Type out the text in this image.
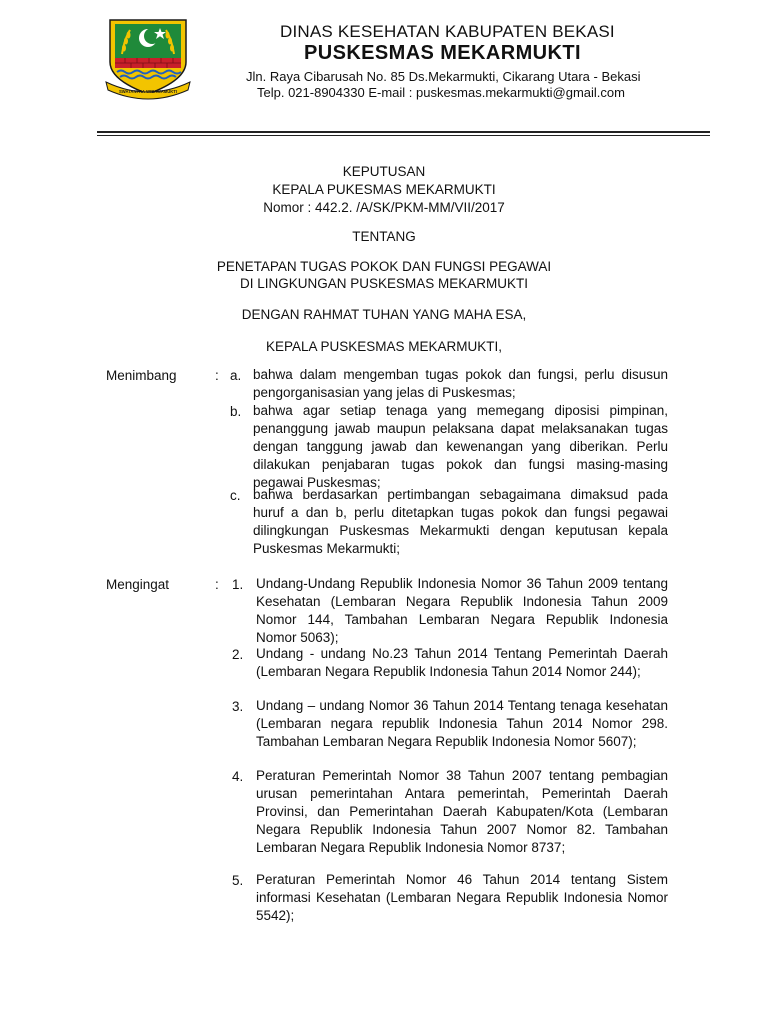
SWATANTRA WIBAWAMUKTI
DINAS KESEHATAN KABUPATEN BEKASI
PUSKESMAS MEKARMUKTI
Jln. Raya Cibarusah No. 85 Ds.Mekarmukti, Cikarang Utara - Bekasi
Telp. 021-8904330 E-mail : puskesmas.mekarmukti@gmail.com
KEPUTUSAN
KEPALA PUKESMAS MEKARMUKTI
Nomor : 442.2. /A/SK/PKM-MM/VII/2017
TENTANG
PENETAPAN TUGAS POKOK DAN FUNGSI PEGAWAI
DI LINGKUNGAN PUSKESMAS MEKARMUKTI
DENGAN RAHMAT TUHAN YANG MAHA ESA,
KEPALA PUSKESMAS MEKARMUKTI,
Menimbang	: a. bahwa dalam mengemban tugas pokok dan fungsi, perlu disusun pengorganisasian yang jelas di Puskesmas;

b. bahwa agar setiap tenaga yang memegang diposisi pimpinan, penanggung jawab maupun pelaksana dapat melaksanakan tugas dengan tanggung jawab dan kewenangan yang diberikan. Perlu dilakukan penjabaran tugas pokok dan fungsi masing-masing pegawai Puskesmas;

c. bahwa berdasarkan pertimbangan sebagaimana dimaksud pada huruf a dan b, perlu ditetapkan tugas pokok dan fungsi pegawai dilingkungan Puskesmas Mekarmukti dengan keputusan kepala Puskesmas Mekarmukti;

Mengingat	: 1. Undang-Undang Republik Indonesia Nomor 36 Tahun 2009 tentang Kesehatan (Lembaran Negara Republik Indonesia Tahun 2009 Nomor 144, Tambahan Lembaran Negara Republik Indonesia Nomor 5063);

2. Undang - undang No.23 Tahun 2014 Tentang Pemerintah Daerah (Lembaran Negara Republik Indonesia Tahun 2014 Nomor 244);

3. Undang – undang Nomor 36 Tahun 2014 Tentang tenaga kesehatan (Lembaran negara republik Indonesia Tahun 2014 Nomor 298. Tambahan Lembaran Negara Republik Indonesia Nomor 5607);

4. Peraturan Pemerintah Nomor 38 Tahun 2007 tentang pembagian urusan pemerintahan Antara pemerintah, Pemerintah Daerah Provinsi, dan Pemerintahan Daerah Kabupaten/Kota (Lembaran Negara Republik Indonesia Tahun 2007 Nomor 82. Tambahan Lembaran Negara Republik Indonesia Nomor 8737;

5. Peraturan Pemerintah Nomor 46 Tahun 2014 tentang Sistem informasi Kesehatan (Lembaran Negara Republik Indonesia Nomor 5542);
